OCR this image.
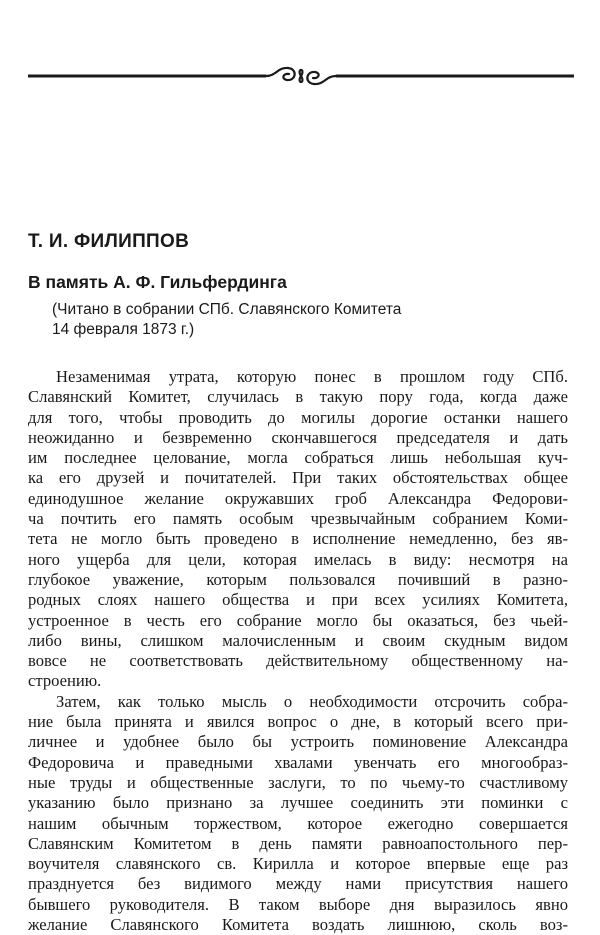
Т. И. ФИЛИППОВ
В память А. Ф. Гильфердинга
(Читано в собрании СПб. Славянского Комитета
14 февраля 1873 г.)
Незаменимая утрата, которую понес в прошлом году СПб.
Славянский Комитет, случилась в такую пору года, когда даже
для того, чтобы проводить до могилы дорогие останки нашего
неожиданно и безвременно скончавшегося председателя и дать
им последнее целование, могла собраться лишь небольшая куч-
ка его друзей и почитателей. При таких обстоятельствах общее
единодушное желание окружавших гроб Александра Федорови-
ча почтить его память особым чрезвычайным собранием Коми-
тета не могло быть проведено в исполнение немедленно, без яв-
ного ущерба для цели, которая имелась в виду: несмотря на
глубокое уважение, которым пользовался почивший в разно-
родных слоях нашего общества и при всех усилиях Комитета,
устроенное в честь его собрание могло бы оказаться, без чьей-
либо вины, слишком малочисленным и своим скудным видом
вовсе не соответствовать действительному общественному на-
строению.
Затем, как только мысль о необходимости отсрочить собра-
ние была принята и явился вопрос о дне, в который всего при-
личнее и удобнее было бы устроить поминовение Александра
Федоровича и праведными хвалами увенчать его многообраз-
ные труды и общественные заслуги, то по чьему-то счастливому
указанию было признано за лучшее соединить эти поминки с
нашим обычным торжеством, которое ежегодно совершается
Славянским Комитетом в день памяти равноапостольного пер-
воучителя славянского св. Кирилла и которое впервые еще раз
празднуется без видимого между нами присутствия нашего
бывшего руководителя. В таком выборе дня выразилось явно
желание Славянского Комитета воздать лишнюю, сколь воз-
